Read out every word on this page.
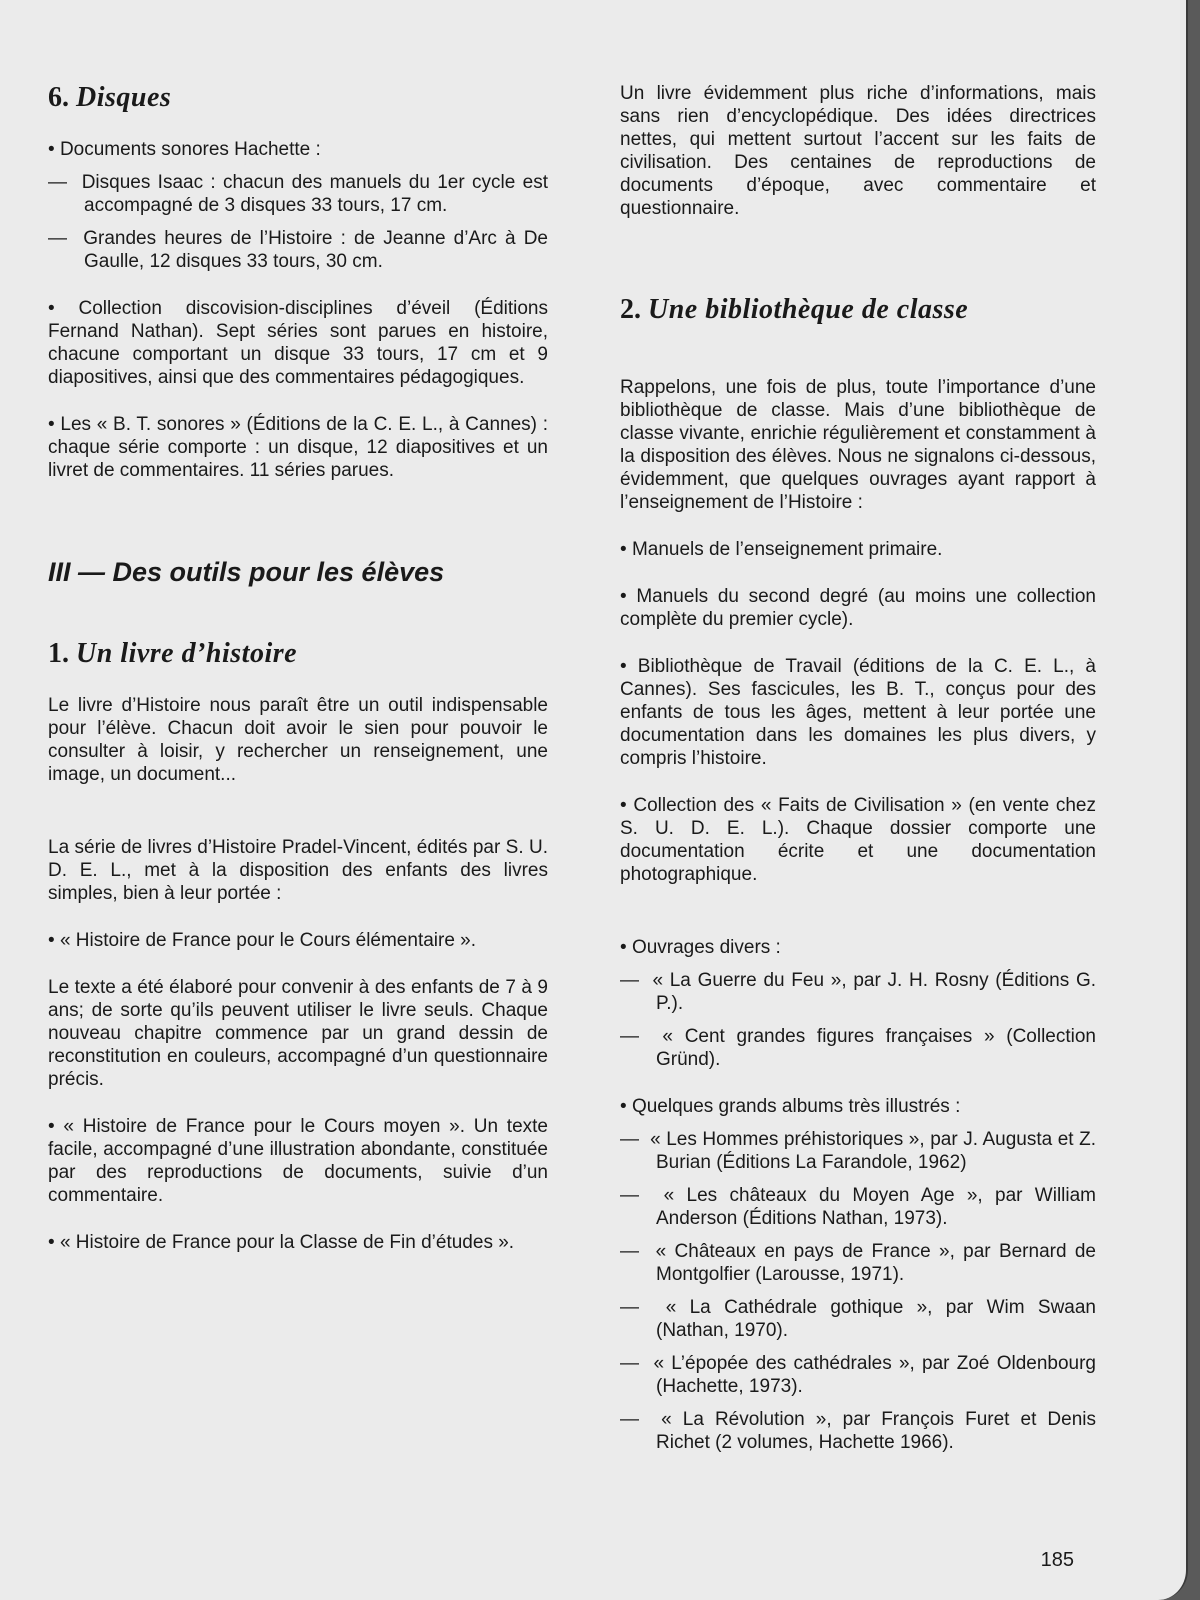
6. Disques

• Documents sonores Hachette :

—  Disques Isaac : chacun des manuels du 1er cycle est accompagné de 3 disques 33 tours, 17 cm.

—  Grandes heures de l’Histoire : de Jeanne d’Arc à De Gaulle, 12 disques 33 tours, 30 cm.

• Collection discovision-disciplines d’éveil (Éditions Fernand Nathan). Sept séries sont parues en histoire, chacune comportant un disque 33 tours, 17 cm et 9 diapositives, ainsi que des commentaires pédagogiques.

• Les « B. T. sonores » (Éditions de la C. E. L., à Cannes) : chaque série comporte : un disque, 12 diapositives et un livret de commentaires. 11 séries parues.

III — Des outils pour les élèves
1. Un livre d’histoire

Le livre d’Histoire nous paraît être un outil indispensable pour l’élève. Chacun doit avoir le sien pour pouvoir le consulter à loisir, y rechercher un renseignement, une image, un document...

La série de livres d’Histoire Pradel-Vincent, édités par S. U. D. E. L., met à la disposition des enfants des livres simples, bien à leur portée :

• « Histoire de France pour le Cours élémentaire ».

Le texte a été élaboré pour convenir à des enfants de 7 à 9 ans; de sorte qu’ils peuvent utiliser le livre seuls. Chaque nouveau chapitre commence par un grand dessin de reconstitution en couleurs, accompagné d’un questionnaire précis.

• « Histoire de France pour le Cours moyen ». Un texte facile, accompagné d’une illustration abondante, constituée par des reproductions de documents, suivie d’un commentaire.

• « Histoire de France pour la Classe de Fin d’études ».

Un livre évidemment plus riche d’informations, mais sans rien d’encyclopédique. Des idées directrices nettes, qui mettent surtout l’accent sur les faits de civilisation. Des centaines de reproductions de documents d’époque, avec commentaire et questionnaire.

2. Une bibliothèque de classe

Rappelons, une fois de plus, toute l’importance d’une bibliothèque de classe. Mais d’une bibliothèque de classe vivante, enrichie régulièrement et constamment à la disposition des élèves. Nous ne signalons ci-dessous, évidemment, que quelques ouvrages ayant rapport à l’enseignement de l’Histoire :

• Manuels de l’enseignement primaire.

• Manuels du second degré (au moins une collection complète du premier cycle).

• Bibliothèque de Travail (éditions de la C. E. L., à Cannes). Ses fascicules, les B. T., conçus pour des enfants de tous les âges, mettent à leur portée une documentation dans les domaines les plus divers, y compris l’histoire.

• Collection des « Faits de Civilisation » (en vente chez S. U. D. E. L.). Chaque dossier comporte une documentation écrite et une documentation photographique.

• Ouvrages divers :

—  « La Guerre du Feu », par J. H. Rosny (Éditions G. P.).

—  « Cent grandes figures françaises » (Collection Gründ).

• Quelques grands albums très illustrés :

—  « Les Hommes préhistoriques », par J. Augusta et Z. Burian (Éditions La Farandole, 1962)

—  « Les châteaux du Moyen Age », par William Anderson (Éditions Nathan, 1973).

—  « Châteaux en pays de France », par Bernard de Montgolfier (Larousse, 1971).

—  « La Cathédrale gothique », par Wim Swaan (Nathan, 1970).

—  « L’épopée des cathédrales », par Zoé Oldenbourg (Hachette, 1973).

—  « La Révolution », par François Furet et Denis Richet (2 volumes, Hachette 1966).

185
